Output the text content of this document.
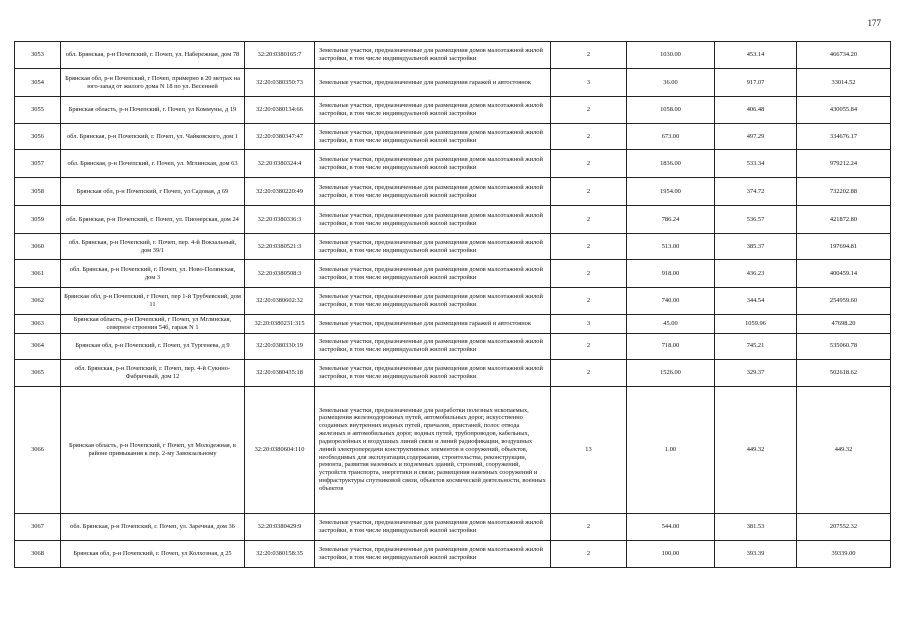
177
3053	обл. Брянская, р-н Почепский, г. Почеп, ул. Набережная, дом 78	32:20:0380165:7	Земельные участки, предназначенные для размещения домов малоэтажной жилой застройки, в том числе индивидуальной жилой застройки	2	1030.00	453.14	466734.20
3054	Брянская обл, р-н Почепский, г Почеп, примерно в 20 метрах на юго-запад от жилого дома N 18 по ул. Весенней	32:20:0380350:73	Земельные участки, предназначенные для размещения гаражей и автостоянок	3	36.00	917.07	33014.52
3055	Брянская область, р-н Почепский, г. Почеп, ул Коммуны, д 19	32:20:0380134:66	Земельные участки, предназначенные для размещения домов малоэтажной жилой застройки, в том числе индивидуальной жилой застройки	2	1058.00	406.48	430055.84
3056	обл. Брянская, р-н Почепский, г. Почеп, ул. Чайковского, дом 1	32:20:0380347:47	Земельные участки, предназначенные для размещения домов малоэтажной жилой застройки, в том числе индивидуальной жилой застройки	2	673.00	497.29	334676.17
3057	обл. Брянская, р-н Почепский, г. Почеп, ул. Мглинская, дом 63	32:20:0380324:4	Земельные участки, предназначенные для размещения домов малоэтажной жилой застройки, в том числе индивидуальной жилой застройки	2	1836.00	533.34	979212.24
3058	Брянская обл, р-н Почепский, г Почеп, ул Садовая, д 69	32:20:0380220:49	Земельные участки, предназначенные для размещения домов малоэтажной жилой застройки, в том числе индивидуальной жилой застройки	2	1954.00	374.72	732202.88
3059	обл. Брянская, р-н Почепский, г. Почеп, ул. Пионерская, дом 24	32:20:0380336:3	Земельные участки, предназначенные для размещения домов малоэтажной жилой застройки, в том числе индивидуальной жилой застройки	2	786.24	536.57	421872.80
3060	обл. Брянская, р-н Почепский, г. Почеп, пер. 4-й Вокзальный, дом 39/1	32:20:0380521:3	Земельные участки, предназначенные для размещения домов малоэтажной жилой застройки, в том числе индивидуальной жилой застройки	2	513.00	385.37	197694.81
3061	обл. Брянская, р-н Почепский, г. Почеп, ул. Ново-Полянская, дом 3	32:20:0380508:3	Земельные участки, предназначенные для размещения домов малоэтажной жилой застройки, в том числе индивидуальной жилой застройки	2	918.00	436.23	400459.14
3062	Брянская обл, р-н Почепский, г Почеп, пер 1-й Трубчевский, дом 11	32:20:0380602:32	Земельные участки, предназначенные для размещения домов малоэтажной жилой застройки, в том числе индивидуальной жилой застройки	2	740.00	344.54	254959.60
3063	Брянская область, р-н Почепский, г Почеп, ул Мглинская, северное строения 54б, гараж N 1	32:20:0380231:315	Земельные участки, предназначенные для размещения гаражей и автостоянок	3	45.00	1059.96	47698.20
3064	Брянская обл, р-н Почепский, г. Почеп, ул Тургенева, д 9	32:20:0380330:19	Земельные участки, предназначенные для размещения домов малоэтажной жилой застройки, в том числе индивидуальной жилой застройки	2	718.00	745.21	535060.78
3065	обл. Брянская, р-н Почепский, г. Почеп, пер. 4-й Сукнно-Фабричный, дом 12	32:20:0380435:18	Земельные участки, предназначенные для размещения домов малоэтажной жилой застройки, в том числе индивидуальной жилой застройки	2	1526.00	329.37	502618.62
3066	Брянская область, р-н Почепский, г Почеп, ул Молодежная, в районе примыкания к пер. 2-му Завокзальному	32:20:0380604:110	Земельные участки, предназначенные для разработки полезных ископаемых, размещения железнодорожных путей, автомобильных дорог, искусственно созданных внутренних водных путей, причалов, пристаней, полос отвода железных и автомобильных дорог, водных путей, трубопроводов, кабельных, радиорелейных и воздушных линий связи и линий радиофикации, воздушных линий электропередачи конструктивных элементов и сооружений, объектов, необходимых для эксплуатации,содержания, строительства, реконструкции, ремонта, развития наземных и подземных зданий, строений, сооружений, устройств транспорта, энергетики и связи; размещения наземных сооружений и инфраструктуры спутниковой связи, объектов космической деятельности, военных объектов	13	1.00	449.32	449.32
3067	обл. Брянская, р-н Почепский, г. Почеп, ул. Заречная, дом 36	32:20:0380429:9	Земельные участки, предназначенные для размещения домов малоэтажной жилой застройки, в том числе индивидуальной жилой застройки	2	544.00	381.53	207552.32
3068	Брянская обл, р-н Почепский, г. Почеп, ул Колхозная, д 25	32:20:0380158:35	Земельные участки, предназначенные для размещения домов малоэтажной жилой застройки, в том числе индивидуальной жилой застройки	2	100.00	393.39	39339.00
